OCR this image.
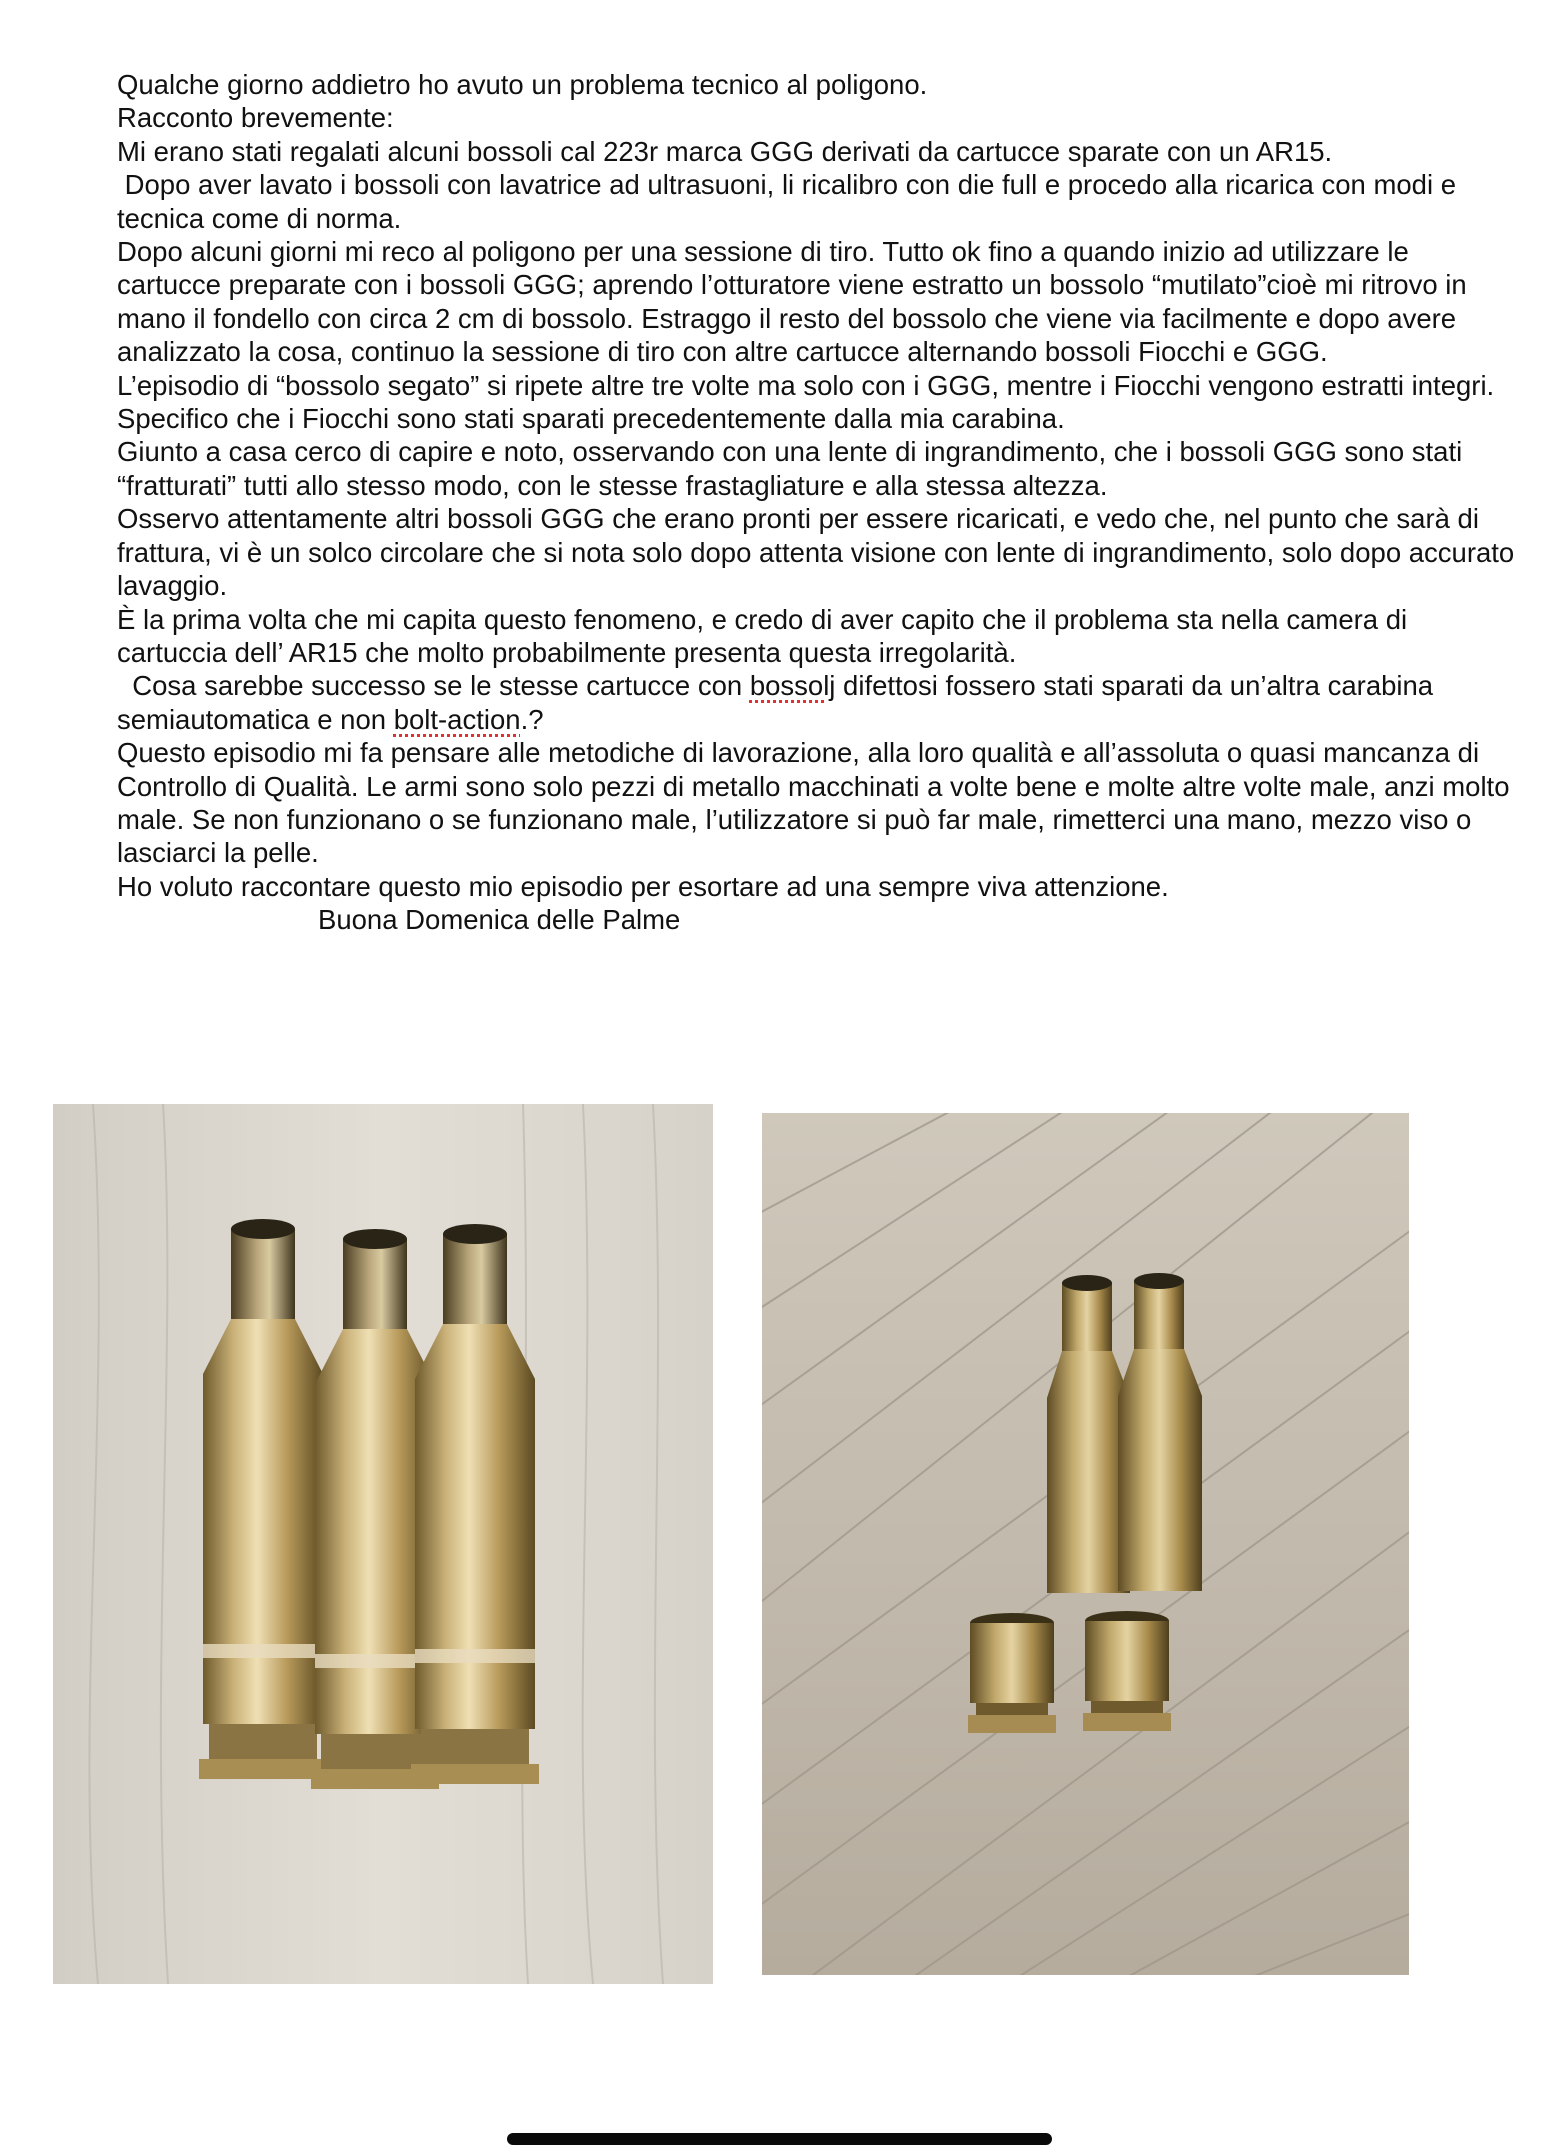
Qualche giorno addietro ho avuto un problema tecnico al poligono.

Racconto brevemente:

Mi erano stati regalati alcuni bossoli cal 223r marca GGG derivati da cartucce sparate con un AR15.

Dopo aver lavato i bossoli con lavatrice ad ultrasuoni, li ricalibro con die full e procedo alla ricarica con modi e tecnica come di norma.

Dopo alcuni giorni mi reco al poligono per una sessione di tiro. Tutto ok fino a quando inizio ad utilizzare le cartucce preparate con i bossoli GGG; aprendo l’otturatore viene estratto un bossolo “mutilato”cioè mi ritrovo in mano il fondello con circa 2 cm di bossolo. Estraggo il resto del bossolo che viene via facilmente e dopo avere analizzato la cosa, continuo la sessione di tiro con altre cartucce alternando bossoli Fiocchi e GGG.

L’episodio di “bossolo segato” si ripete altre tre volte ma solo con i GGG, mentre i Fiocchi vengono estratti integri. Specifico che i Fiocchi sono stati sparati precedentemente dalla mia carabina.

Giunto a casa cerco di capire e noto, osservando con una lente di ingrandimento, che i bossoli GGG sono stati “fratturati” tutti allo stesso modo, con le stesse frastagliature e alla stessa altezza.

Osservo attentamente altri bossoli GGG che erano pronti per essere ricaricati, e vedo che, nel punto che sarà di frattura, vi è un solco circolare che si nota solo dopo attenta visione con lente di ingrandimento, solo dopo accurato lavaggio.

È la prima volta che mi capita questo fenomeno, e credo di aver capito che il problema sta nella camera di cartuccia dell’ AR15 che molto probabilmente presenta questa irregolarità.

Cosa sarebbe successo se le stesse cartucce con bossolj difettosi fossero stati sparati da un’altra carabina semiautomatica e non bolt-action.?

Questo episodio mi fa pensare alle metodiche di lavorazione, alla loro qualità e all’assoluta o quasi mancanza di Controllo di Qualità. Le armi sono solo pezzi di metallo macchinati a volte bene e molte altre volte male, anzi molto male. Se non funzionano o se funzionano male, l’utilizzatore si può far male, rimetterci una mano, mezzo viso o lasciarci la pelle.

Ho voluto raccontare questo mio episodio per esortare ad una sempre viva attenzione.

Buona Domenica delle Palme
